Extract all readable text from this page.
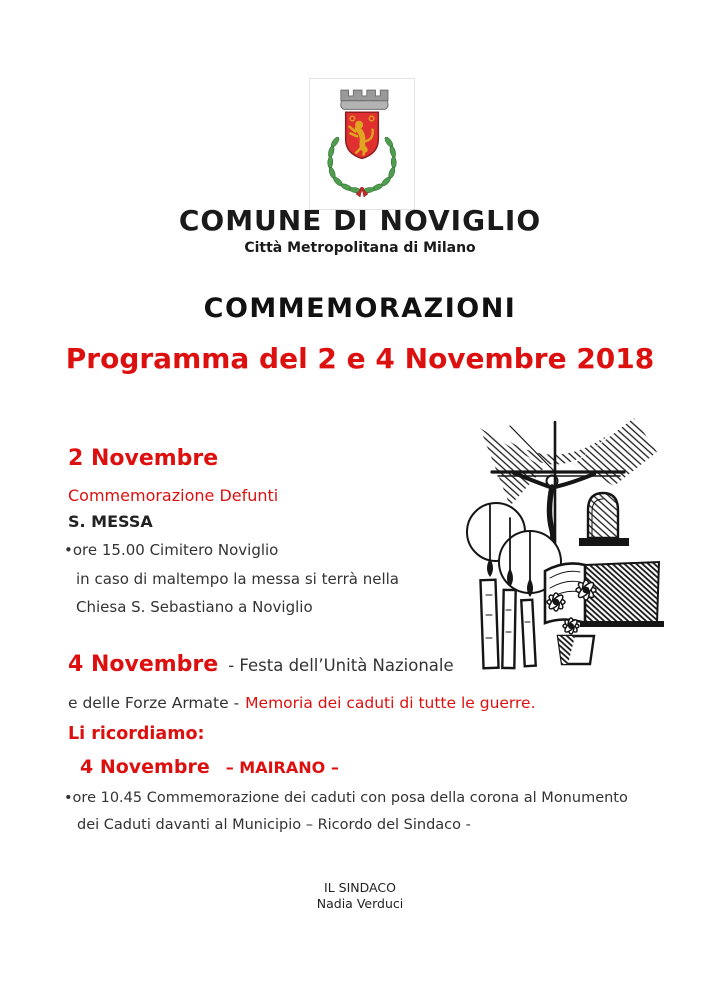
COMUNE DI NOVIGLIO
Città Metropolitana di Milano
COMMEMORAZIONI
Programma del 2 e 4 Novembre 2018
2 Novembre
Commemorazione Defunti
S. MESSA
•ore 15.00 Cimitero Noviglio
in caso di maltempo la messa si terrà nella
Chiesa S. Sebastiano a Noviglio
4 Novembre - Festa dell’Unità Nazionale
e delle Forze Armate - Memoria dei caduti di tutte le guerre.
Li ricordiamo:
4 Novembre – MAIRANO –
•ore 10.45 Commemorazione dei caduti con posa della corona al Monumento
dei Caduti davanti al Municipio – Ricordo del Sindaco -
IL SINDACO
Nadia Verduci
